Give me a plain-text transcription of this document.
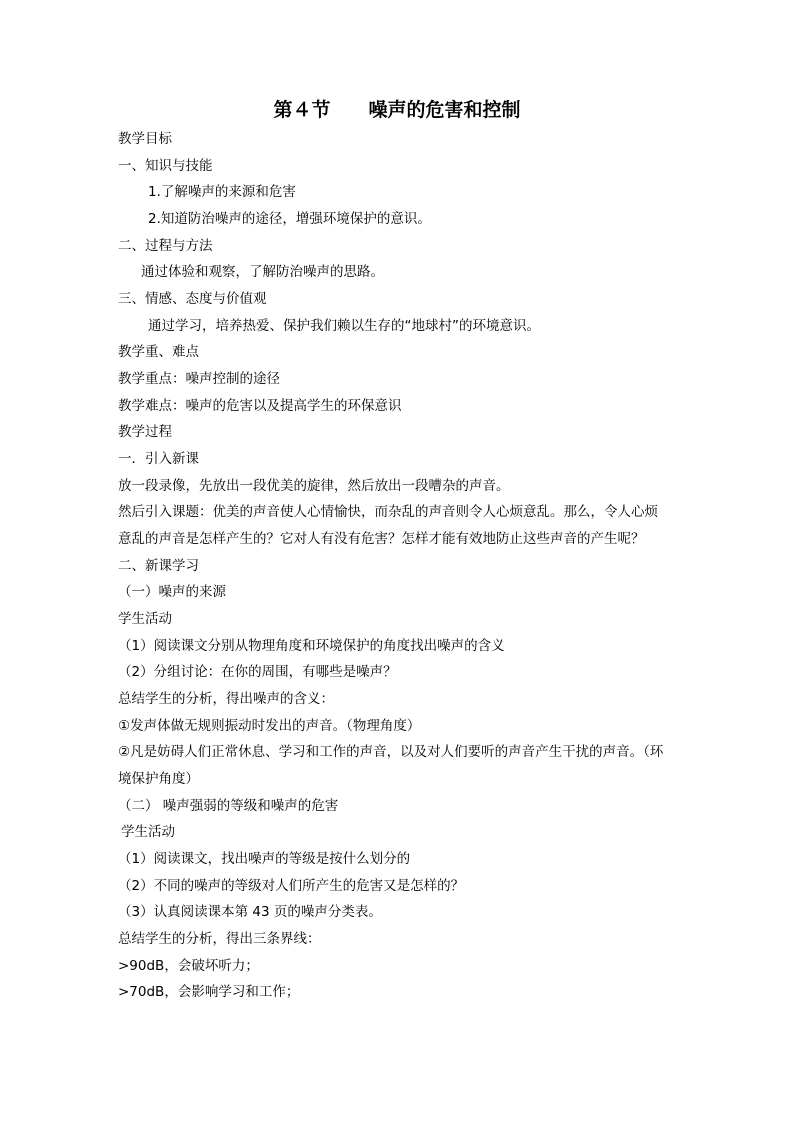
第４节　　噪声的危害和控制
教学目标
一、知识与技能
1.了解噪声的来源和危害
2.知道防治噪声的途径，增强环境保护的意识。
二、过程与方法
通过体验和观察，了解防治噪声的思路。
三、情感、态度与价值观
通过学习，培养热爱、保护我们赖以生存的“地球村”的环境意识。
教学重、难点
教学重点：噪声控制的途径
教学难点：噪声的危害以及提高学生的环保意识
教学过程
一．引入新课
放一段录像，先放出一段优美的旋律，然后放出一段嘈杂的声音。
然后引入课题：优美的声音使人心情愉快，而杂乱的声音则令人心烦意乱。那么，令人心烦
意乱的声音是怎样产生的？它对人有没有危害？怎样才能有效地防止这些声音的产生呢？
二、新课学习
（一）噪声的来源
学生活动
（1）阅读课文分别从物理角度和环境保护的角度找出噪声的含义
（2）分组讨论：在你的周围，有哪些是噪声？
总结学生的分析，得出噪声的含义：
①发声体做无规则振动时发出的声音。（物理角度）
②凡是妨碍人们正常休息、学习和工作的声音，以及对人们要听的声音产生干扰的声音。（环
境保护角度）
（二） 噪声强弱的等级和噪声的危害
学生活动
（1）阅读课文，找出噪声的等级是按什么划分的
（2）不同的噪声的等级对人们所产生的危害又是怎样的？
（3）认真阅读课本第 43 页的噪声分类表。
总结学生的分析，得出三条界线：
>90dB，会破坏听力；
>70dB，会影响学习和工作；
